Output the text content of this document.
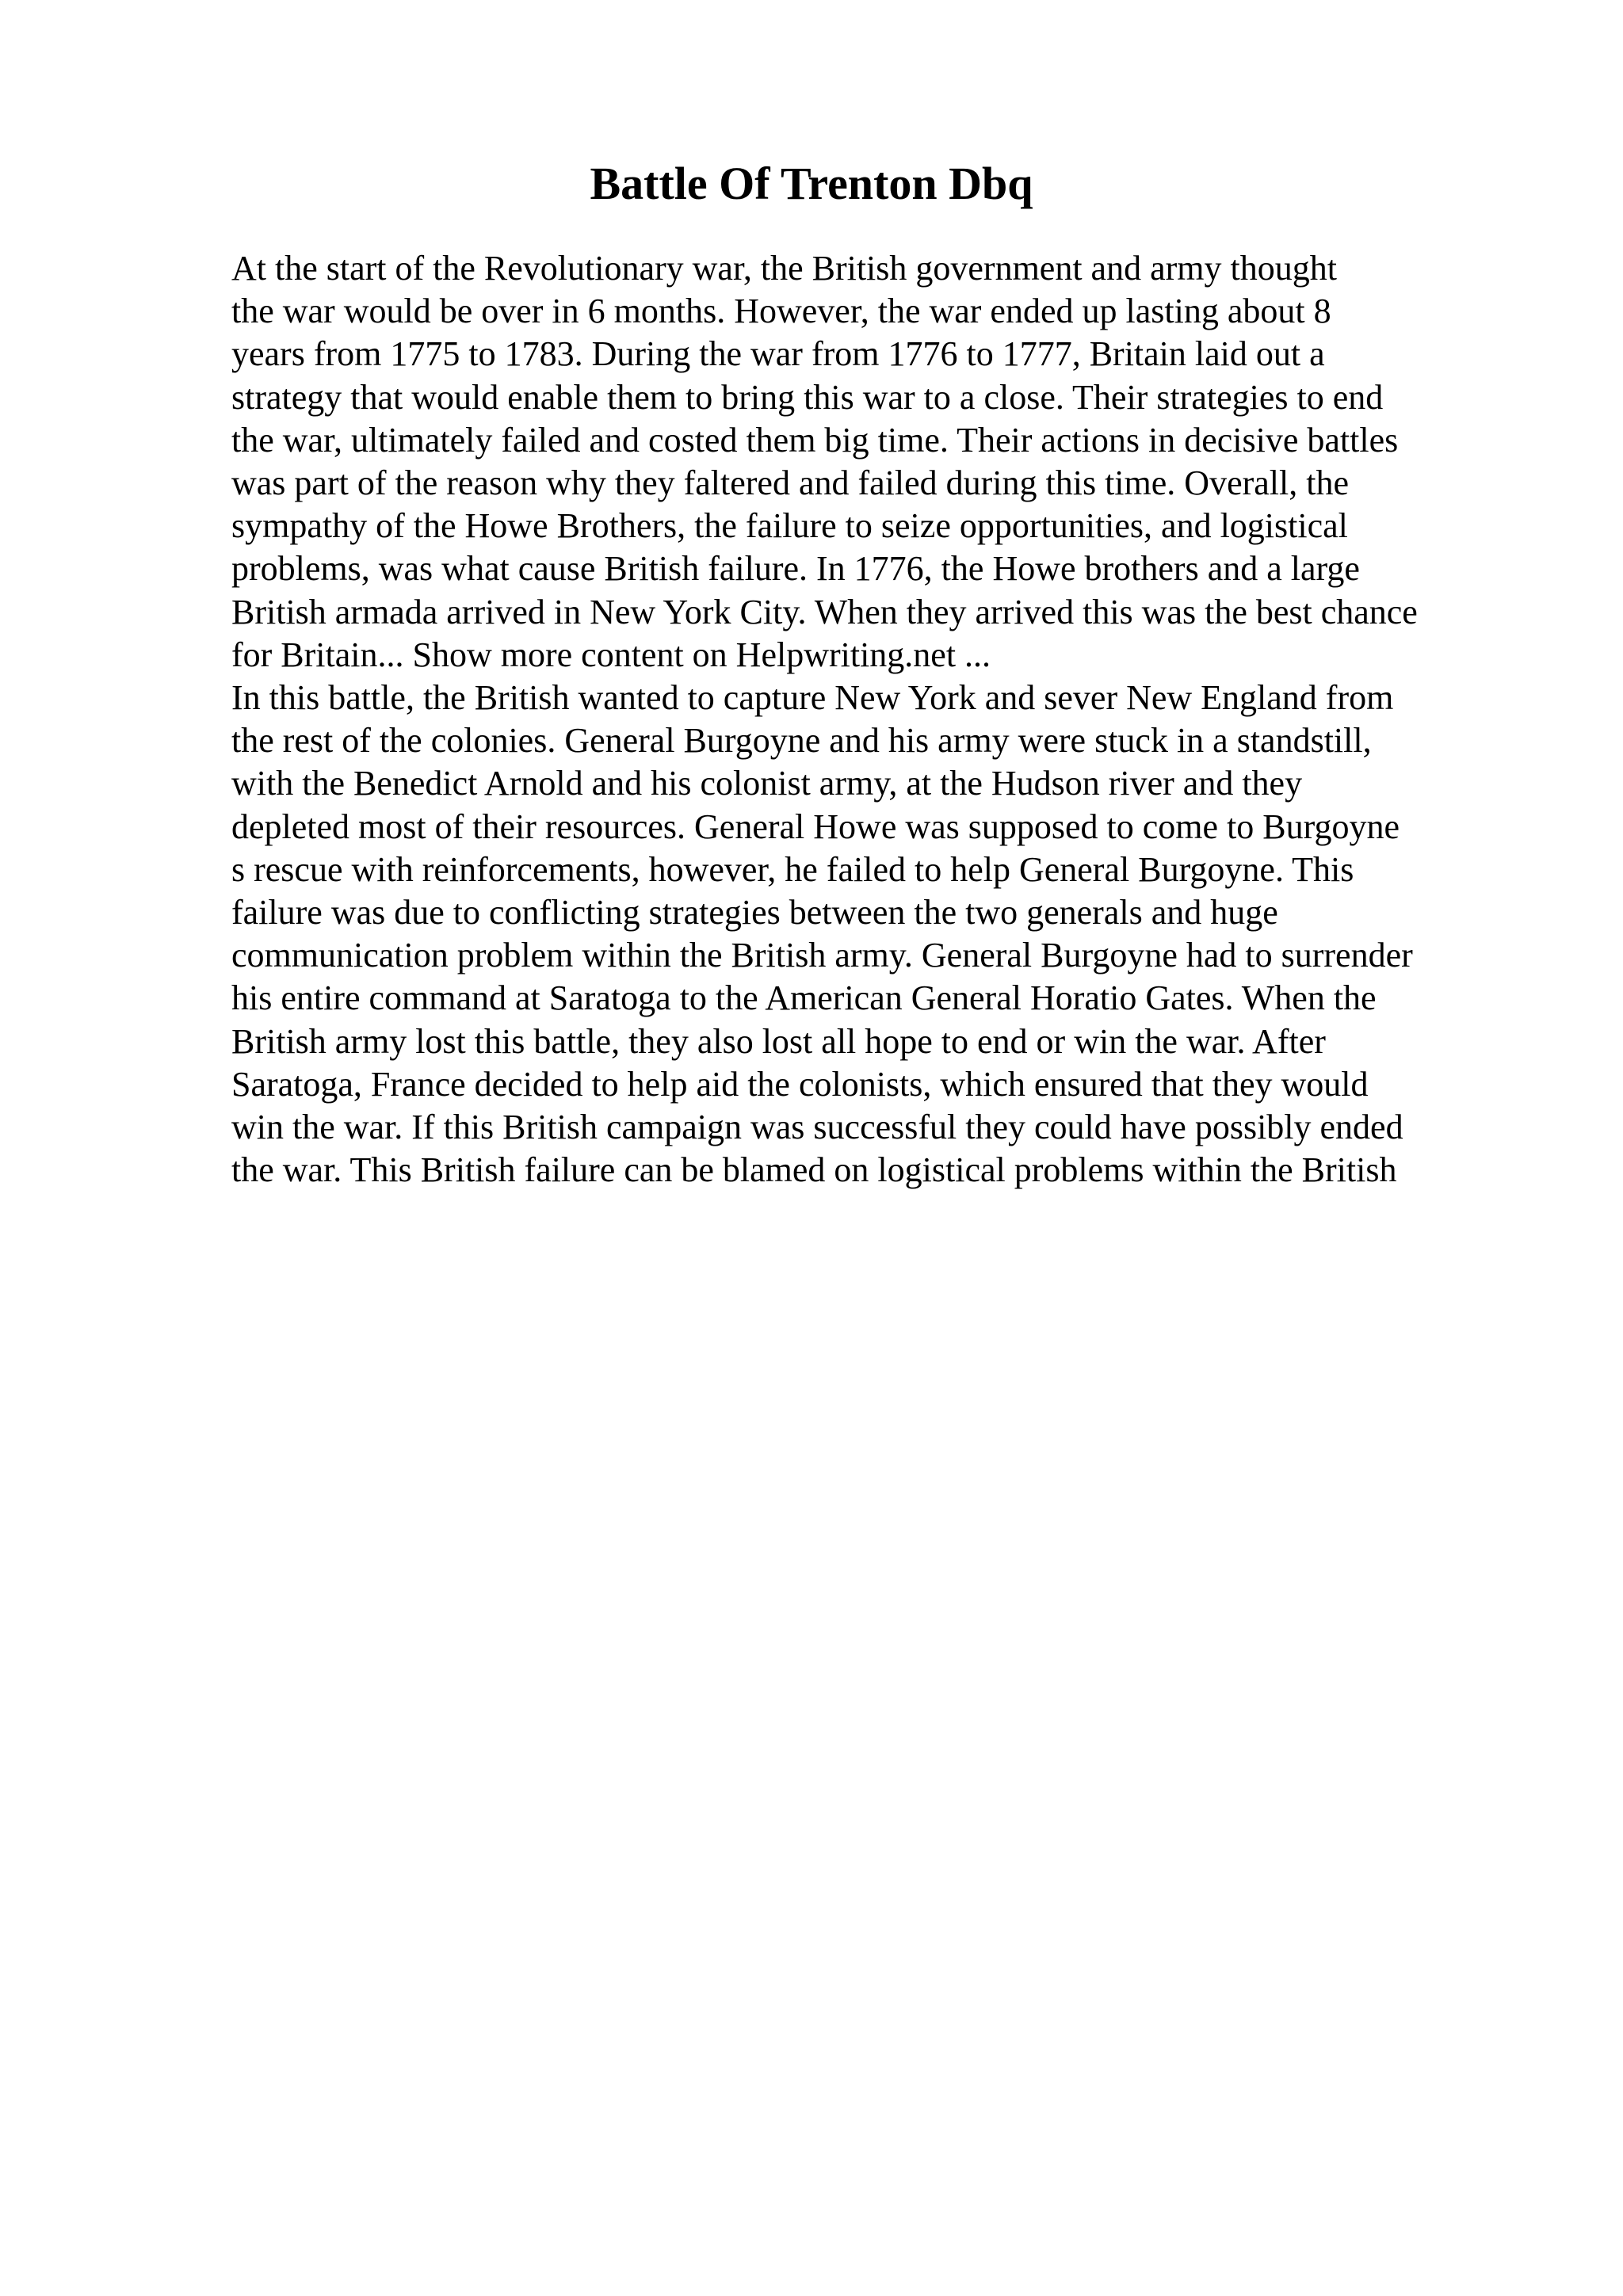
Battle Of Trenton Dbq
At the start of the Revolutionary war, the British government and army thought
the war would be over in 6 months. However, the war ended up lasting about 8
years from 1775 to 1783. During the war from 1776 to 1777, Britain laid out a
strategy that would enable them to bring this war to a close. Their strategies to end
the war, ultimately failed and costed them big time. Their actions in decisive battles
was part of the reason why they faltered and failed during this time. Overall, the
sympathy of the Howe Brothers, the failure to seize opportunities, and logistical
problems, was what cause British failure. In 1776, the Howe brothers and a large
British armada arrived in New York City. When they arrived this was the best chance
for Britain... Show more content on Helpwriting.net ...
In this battle, the British wanted to capture New York and sever New England from
the rest of the colonies. General Burgoyne and his army were stuck in a standstill,
with the Benedict Arnold and his colonist army, at the Hudson river and they
depleted most of their resources. General Howe was supposed to come to Burgoyne
s rescue with reinforcements, however, he failed to help General Burgoyne. This
failure was due to conflicting strategies between the two generals and huge
communication problem within the British army. General Burgoyne had to surrender
his entire command at Saratoga to the American General Horatio Gates. When the
British army lost this battle, they also lost all hope to end or win the war. After
Saratoga, France decided to help aid the colonists, which ensured that they would
win the war. If this British campaign was successful they could have possibly ended
the war. This British failure can be blamed on logistical problems within the British
